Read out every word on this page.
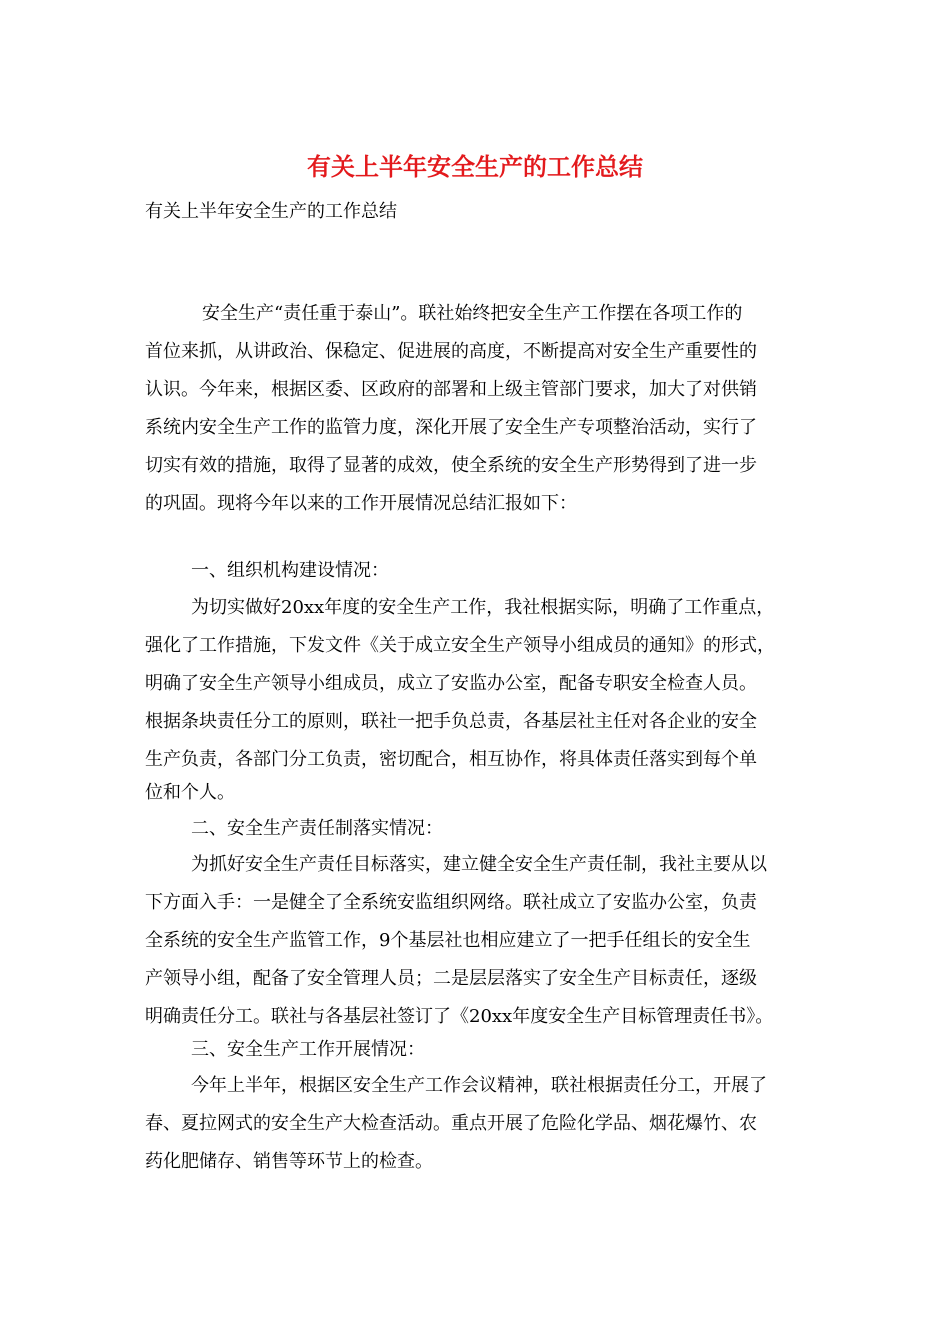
有关上半年安全生产的工作总结
有关上半年安全生产的工作总结
安全生产“责任重于泰山”。联社始终把安全生产工作摆在各项工作的
首位来抓，从讲政治、保稳定、促进展的高度，不断提高对安全生产重要性的
认识。今年来，根据区委、区政府的部署和上级主管部门要求，加大了对供销
系统内安全生产工作的监管力度，深化开展了安全生产专项整治活动，实行了
切实有效的措施，取得了显著的成效，使全系统的安全生产形势得到了进一步
的巩固。现将今年以来的工作开展情况总结汇报如下：
一、组织机构建设情况：
为切实做好20xx年度的安全生产工作，我社根据实际，明确了工作重点，
强化了工作措施，下发文件《关于成立安全生产领导小组成员的通知》的形式，
明确了安全生产领导小组成员，成立了安监办公室，配备专职安全检查人员。
根据条块责任分工的原则，联社一把手负总责，各基层社主任对各企业的安全
生产负责，各部门分工负责，密切配合，相互协作，将具体责任落实到每个单
位和个人。
二、安全生产责任制落实情况：
为抓好安全生产责任目标落实，建立健全安全生产责任制，我社主要从以
下方面入手：一是健全了全系统安监组织网络。联社成立了安监办公室，负责
全系统的安全生产监管工作，9个基层社也相应建立了一把手任组长的安全生
产领导小组，配备了安全管理人员；二是层层落实了安全生产目标责任，逐级
明确责任分工。联社与各基层社签订了《20xx年度安全生产目标管理责任书》。
三、安全生产工作开展情况：
今年上半年，根据区安全生产工作会议精神，联社根据责任分工，开展了
春、夏拉网式的安全生产大检查活动。重点开展了危险化学品、烟花爆竹、农
药化肥储存、销售等环节上的检查。
